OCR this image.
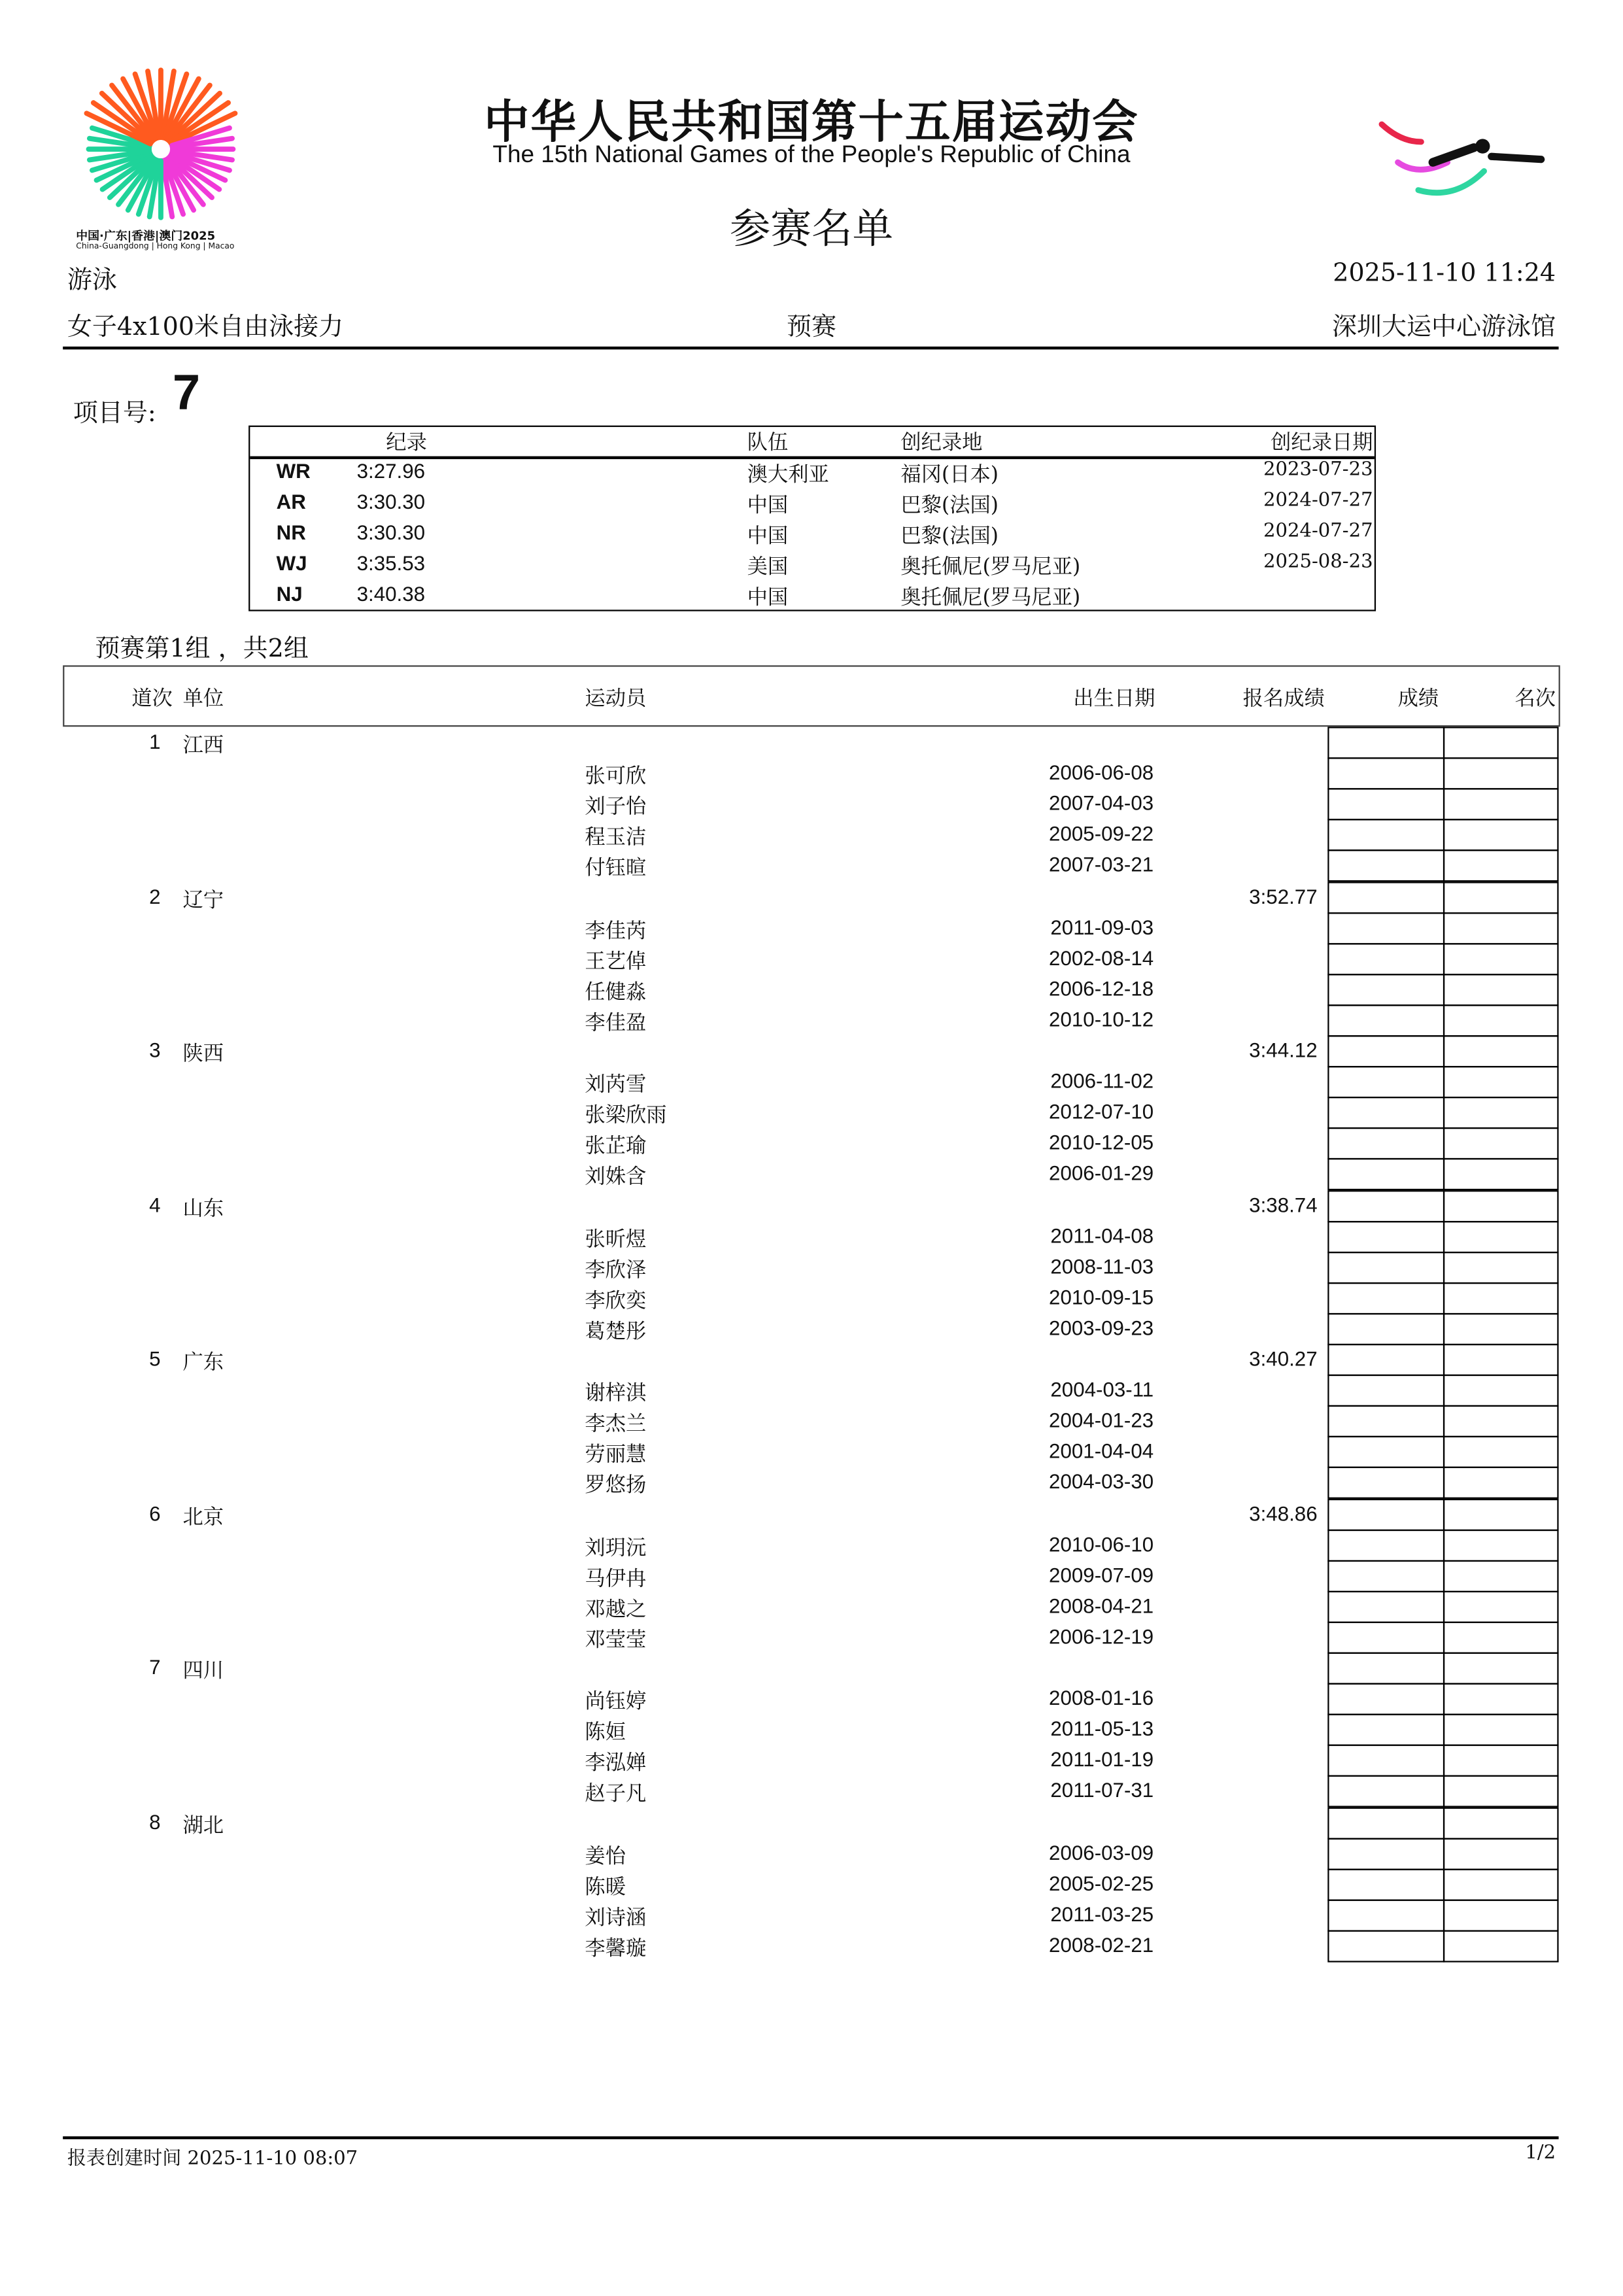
中国·广东|香港|澳门2025
China-Guangdong | Hong Kong | Macao
中华人民共和国第十五届运动会
The 15th National Games of the People's Republic of China
参赛名单
游泳	2025-11-10 11:24
女子4x100米自由泳接力	预赛	深圳大运中心游泳馆
项目号: 7
纪录	队伍	创纪录地	创纪录日期
WR	3:27.96	澳大利亚	福冈(日本)	2023-07-23
AR	3:30.30	中国	巴黎(法国)	2024-07-27
NR	3:30.30	中国	巴黎(法国)	2024-07-27
WJ	3:35.53	美国	奥托佩尼(罗马尼亚)	2025-08-23
NJ	3:40.38	中国	奥托佩尼(罗马尼亚)
预赛第1组 ，共2组
道次 单位	运动员	出生日期	报名成绩	成绩	名次
1 江西
张可欣	2006-06-08
刘子怡	2007-04-03
程玉洁	2005-09-22
付钰暄	2007-03-21
2 辽宁	3:52.77
李佳芮	2011-09-03
王艺倬	2002-08-14
任健淼	2006-12-18
李佳盈	2010-10-12
3 陕西	3:44.12
刘芮雪	2006-11-02
张梁欣雨	2012-07-10
张芷瑜	2010-12-05
刘姝含	2006-01-29
4 山东	3:38.74
张昕煜	2011-04-08
李欣泽	2008-11-03
李欣奕	2010-09-15
葛楚彤	2003-09-23
5 广东	3:40.27
谢梓淇	2004-03-11
李杰兰	2004-01-23
劳丽慧	2001-04-04
罗悠扬	2004-03-30
6 北京	3:48.86
刘玥沅	2010-06-10
马伊冉	2009-07-09
邓越之	2008-04-21
邓莹莹	2006-12-19
7 四川
尚钰婷	2008-01-16
陈姮	2011-05-13
李泓婵	2011-01-19
赵子凡	2011-07-31
8 湖北
姜怡	2006-03-09
陈暖	2005-02-25
刘诗涵	2011-03-25
李馨璇	2008-02-21
报表创建时间 2025-11-10 08:07	1/2
